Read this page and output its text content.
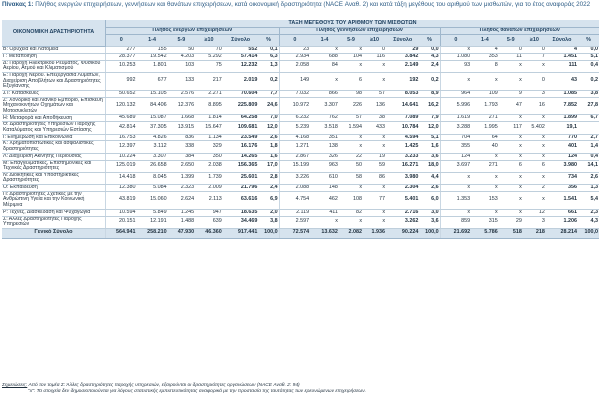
Πίνακας 1: Πλήθος ενεργών επιχειρήσεων, γεννήσεων και θανάτων επιχειρήσεων, κατά οικονομική δραστηριότητα (NACE Αναθ. 2) και κατά τάξη μεγέθους του αριθμού των μισθωτών, για το έτος αναφοράς 2022
ΟΙΚΟΝΟΜΙΚΗ ΔΡΑΣΤΗΡΙΟΤΗΤΑ	ΤΑΞΗ ΜΕΓΕΘΟΥΣ ΤΟΥ ΑΡΙΘΜΟΥ ΤΩΝ ΜΙΣΘΩΤΩΝ																	
	Πλήθος ενεργών επιχειρήσεων						Πλήθος γεννήσεων επιχειρήσεων						Πλήθος θανάτων επιχειρήσεων					
	0	1-4	5-9	≥10	Σύνολο	%	0	1-4	5-9	≥10	Σύνολο	%	0	1-4	5-9	≥10	Σύνολο	%
B: Ορυχεία και Λατομεία	277	155	50	70	552	0,1	23	x	x	0	29	0,0	x	4	0	0	4	0,0
Γ: Μεταποίηση	28.377	19.542	4.203	5.292	57.414	6,3	2.934	688	104	116	3.842	4,3	1.080	353	11	7	1.451	5,1
Δ: Παροχή Ηλεκτρικού Ρεύματος, Φυσικού Αερίου, Ατμού και Κλιματισμού	10.253	1.801	103	75	12.232	1,3	2.058	84	x	x	2.149	2,4	93	8	x	x	111	0,4
Ε: Παροχή Νερού. Επεξεργασία Λυμάτων, Διαχείριση Αποβλήτων και Δραστηριότητες Εξυγίανσης	992	677	133	217	2.019	0,2	149	x	6	x	192	0,2	x	x	x	0	43	0,2
ΣΤ: Κατασκευές	50.652	15.105	2.576	2.271	70.604	7,7	7.032	866	98	57	8.053	8,9	964	109	9	3	1.085	3,8
Ζ: Χονδρικό και Λιανικό Εμπόριο, Επισκευή Μηχανοκινήτων Οχημάτων και Μοτοσυκλετών	120.132	84.406	12.376	8.895	225.809	24,6	10.972	3.307	226	136	14.641	16,2	5.996	1.793	47	16	7.852	27,8
Η: Μεταφορά και Αποθήκευση	45.689	15.087	1.668	1.814	64.258	7,0	6.232	762	57	38	7.089	7,9	1.619	271	x	x	1.899	6,7
Θ: Δραστηριότητες Υπηρεσιών Παροχής Καταλύματος και Υπηρεσιών Εστίασης	42.814	37.305	13.915	15.647	109.681	12,0	5.239	3.518	1.594	433	10.784	12,0	3.288	1.995	117	5.402	19,1	
Ι: Ενημέρωση και Επικοινωνία	16.753	4.826	836	1.134	23.549	2,6	4.168	351	x	x	4.594	5,1	704	64	x	x	770	2,7
Κ: Χρηματοπιστωτικές και ασφαλιστικές δραστηριότητες	12.397	3.112	338	329	16.176	1,8	1.271	138	x	x	1.425	1,6	355	40	x	x	401	1,4
Λ: Διαχείριση Ακίνητης Περιουσίας	10.224	3.307	384	350	14.265	1,6	2.867	326	22	19	3.233	3,6	124	x	x	x	124	0,4
Μ: Επαγγελματικές, Επιστημονικές και Τεχνικές Δραστηριότητες	125.019	26.658	2.650	2.038	156.365	17,0	15.199	963	50	59	16.271	18,0	3.697	271	6	6	3.980	14,1
Ν: Διοικητικές και Υποστηρικτικές Δραστηριότητες	14.418	8.045	1.399	1.739	25.601	2,8	3.226	610	58	86	3.980	4,4	x	x	x	x	734	2,6
Ο: Εκπαίδευση	12.380	5.084	2.323	2.009	21.796	2,4	2.088	148	x	x	2.304	2,6	x	x	x	2	356	1,3
Π: Δραστηριότητες Σχετικές με την Ανθρώπινη Υγεία και την Κοινωνική Μέριμνα	43.819	15.060	2.624	2.113	63.616	6,9	4.754	462	108	77	5.401	6,0	1.353	153	x	x	1.541	5,4
Ρ: Τέχνες, Διασκέδαση και Ψυχαγωγία	10.594	5.849	1.245	947	18.635	2,0	2.119	411	82	x	2.716	3,0	x	x	x	12	661	2,3
Σ: Άλλες Δραστηριότητες Παροχής Υπηρεσιών	20.151	12.191	1.488	639	34.469	3,8	2.597	x	x	x	3.262	3,6	859	315	29	3	1.206	4,3
Γενικό Σύνολο	564.941	258.210	47.930	46.360	917.441	100,0	72.574	13.632	2.082	1.936	90.224	100,0	21.692	5.786	518	218	28.214	100,0
Σημειώσεις: Από τον τομέα Σ: Άλλες δραστηριότητες παροχής υπηρεσιών, εξαιρούνται οι δραστηριότητες οργανώσεων (NACE Αναθ. 2: 94)
"x": Τα στοιχεία δεν δημοσιοποιούνται για λόγους στατιστικής εμπιστευτικότητας αναφορικά με την προστασία της ταυτότητας των ερευνώμενων επιχειρήσεων.
